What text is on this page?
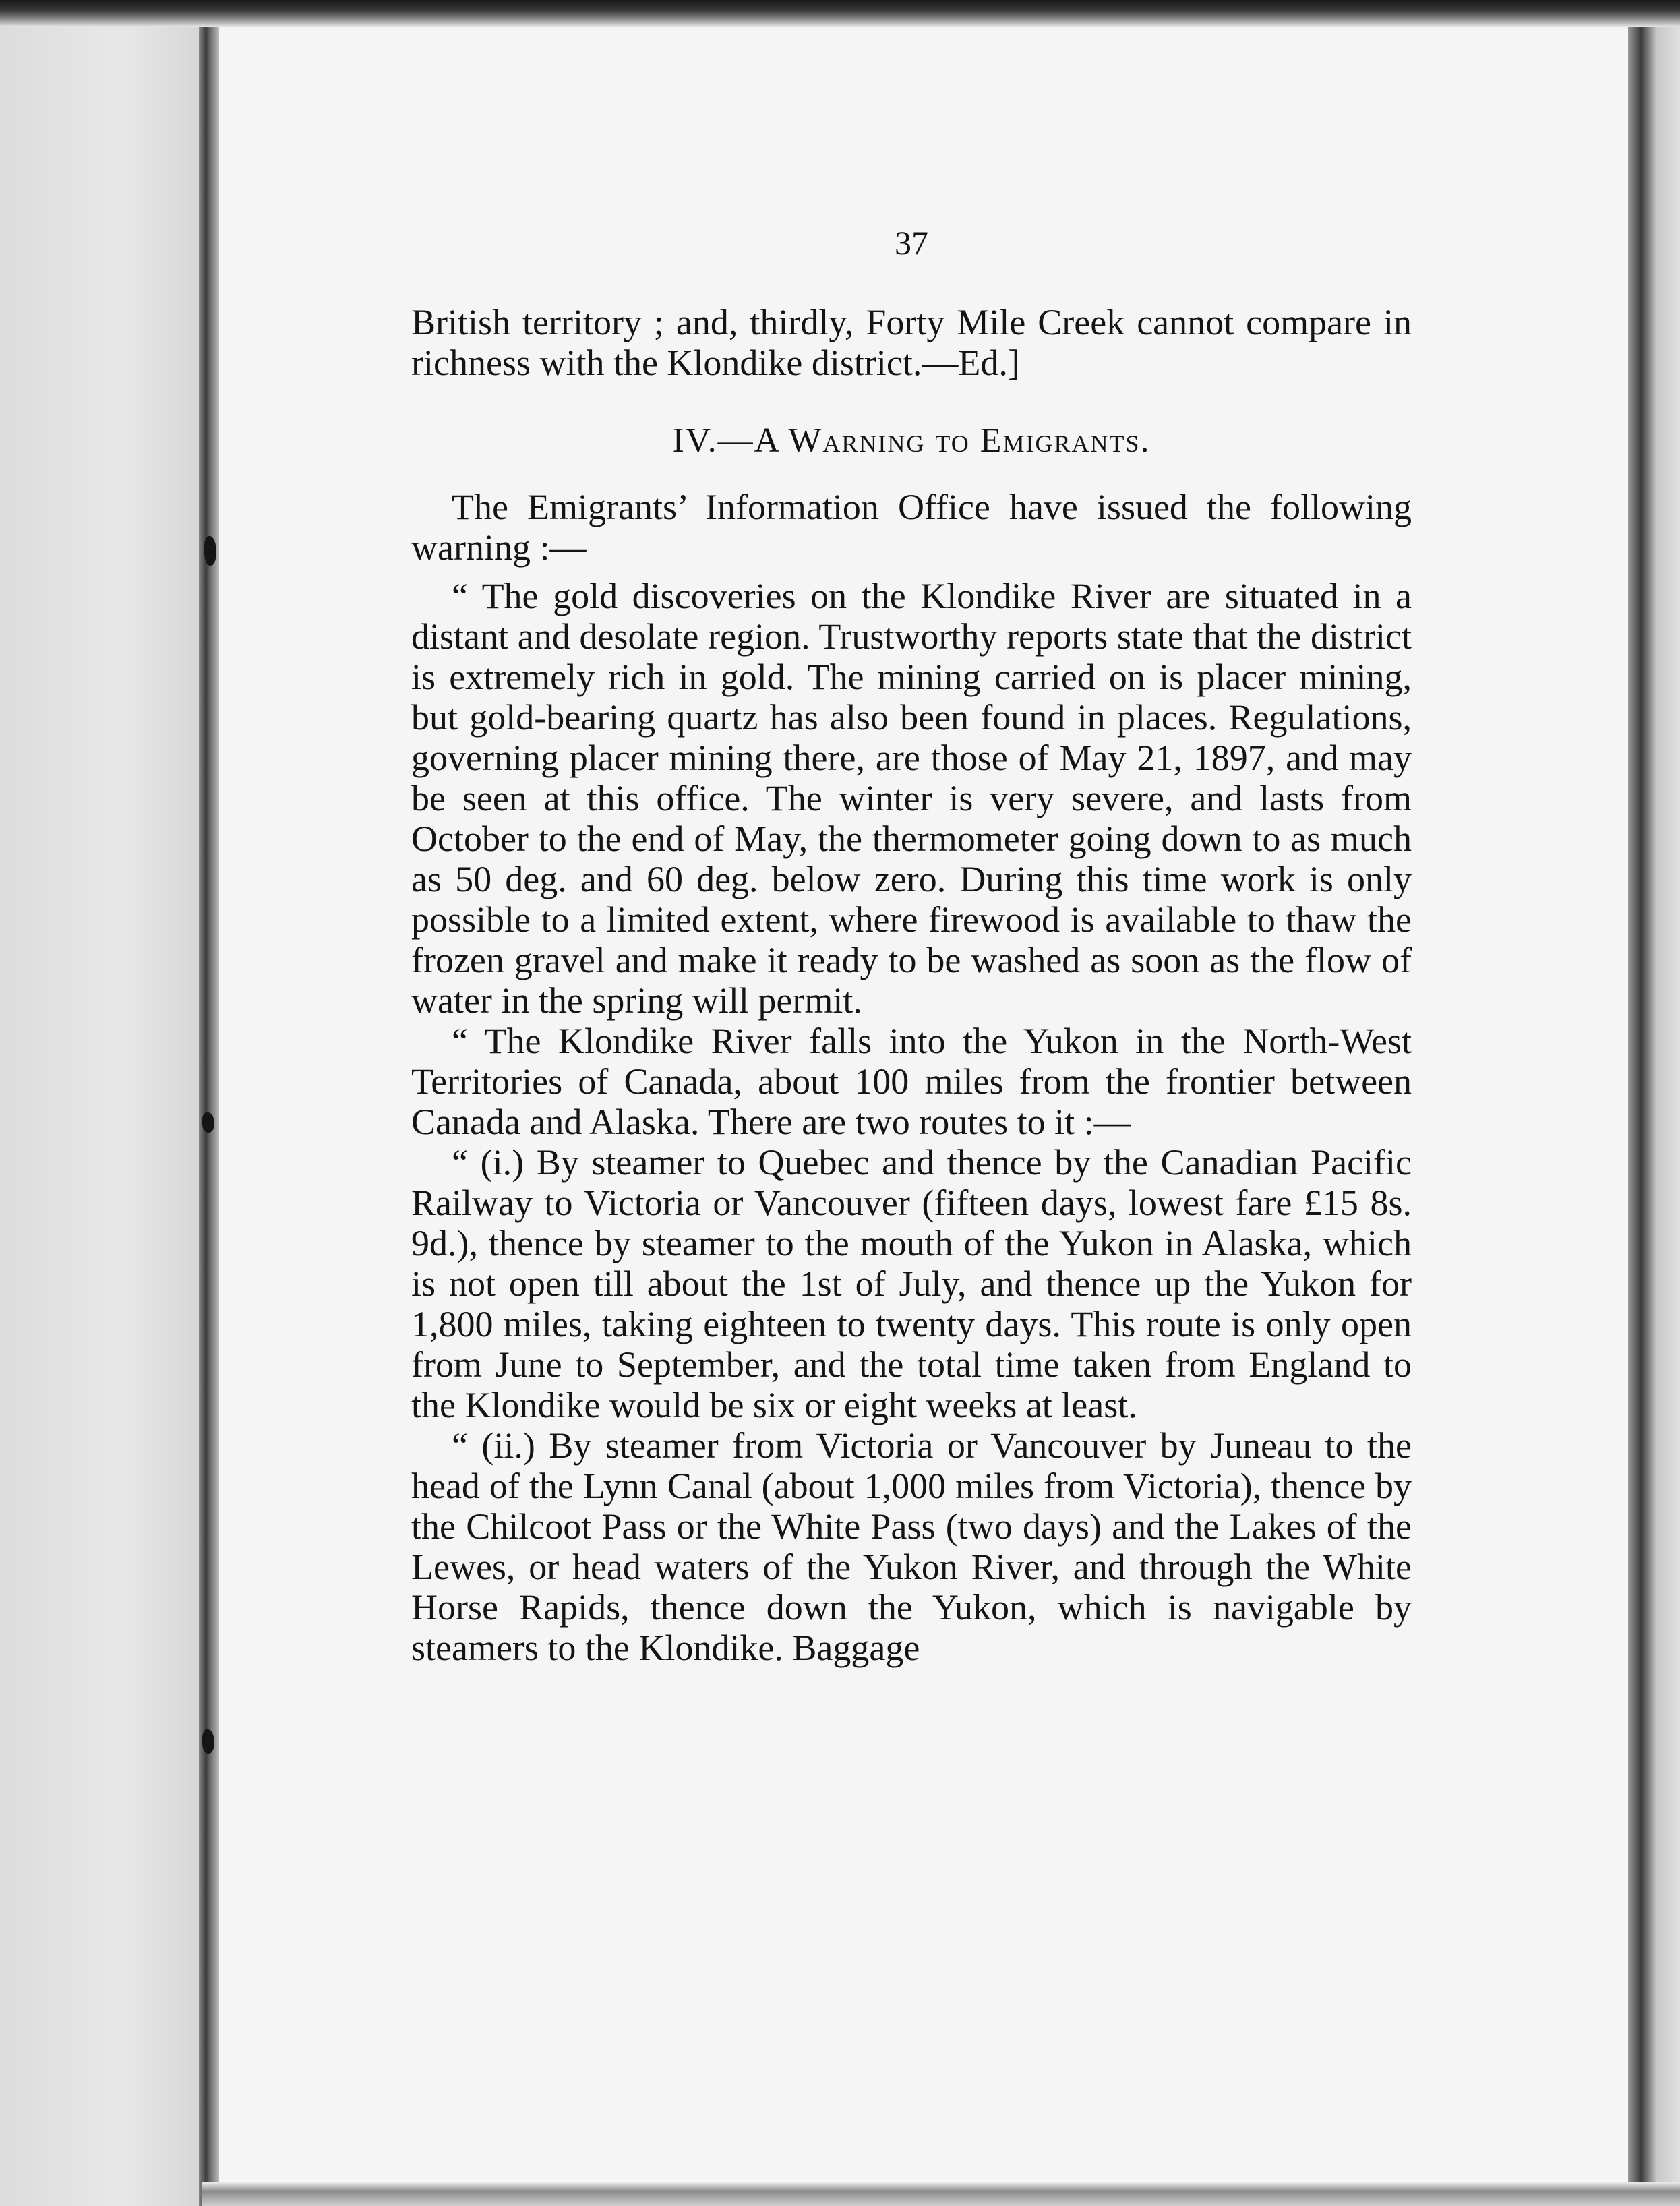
37

British territory ; and, thirdly, Forty Mile Creek cannot compare in richness with the Klondike district.—Ed.]

IV.—A Warning to Emigrants.

The Emigrants’ Information Office have issued the following warning :—

“ The gold discoveries on the Klondike River are situated in a distant and desolate region. Trustworthy reports state that the district is extremely rich in gold. The mining carried on is placer mining, but gold-bearing quartz has also been found in places. Regulations, governing placer mining there, are those of May 21, 1897, and may be seen at this office. The winter is very severe, and lasts from October to the end of May, the thermometer going down to as much as 50 deg. and 60 deg. below zero. During this time work is only possible to a limited extent, where firewood is available to thaw the frozen gravel and make it ready to be washed as soon as the flow of water in the spring will permit.

“ The Klondike River falls into the Yukon in the North-West Territories of Canada, about 100 miles from the frontier between Canada and Alaska. There are two routes to it :—

“ (i.) By steamer to Quebec and thence by the Canadian Pacific Railway to Victoria or Vancouver (fifteen days, lowest fare £15 8s. 9d.), thence by steamer to the mouth of the Yukon in Alaska, which is not open till about the 1st of July, and thence up the Yukon for 1,800 miles, taking eighteen to twenty days. This route is only open from June to September, and the total time taken from England to the Klondike would be six or eight weeks at least.

“ (ii.) By steamer from Victoria or Vancouver by Juneau to the head of the Lynn Canal (about 1,000 miles from Victoria), thence by the Chilcoot Pass or the White Pass (two days) and the Lakes of the Lewes, or head waters of the Yukon River, and through the White Horse Rapids, thence down the Yukon, which is navigable by steamers to the Klondike. Baggage
